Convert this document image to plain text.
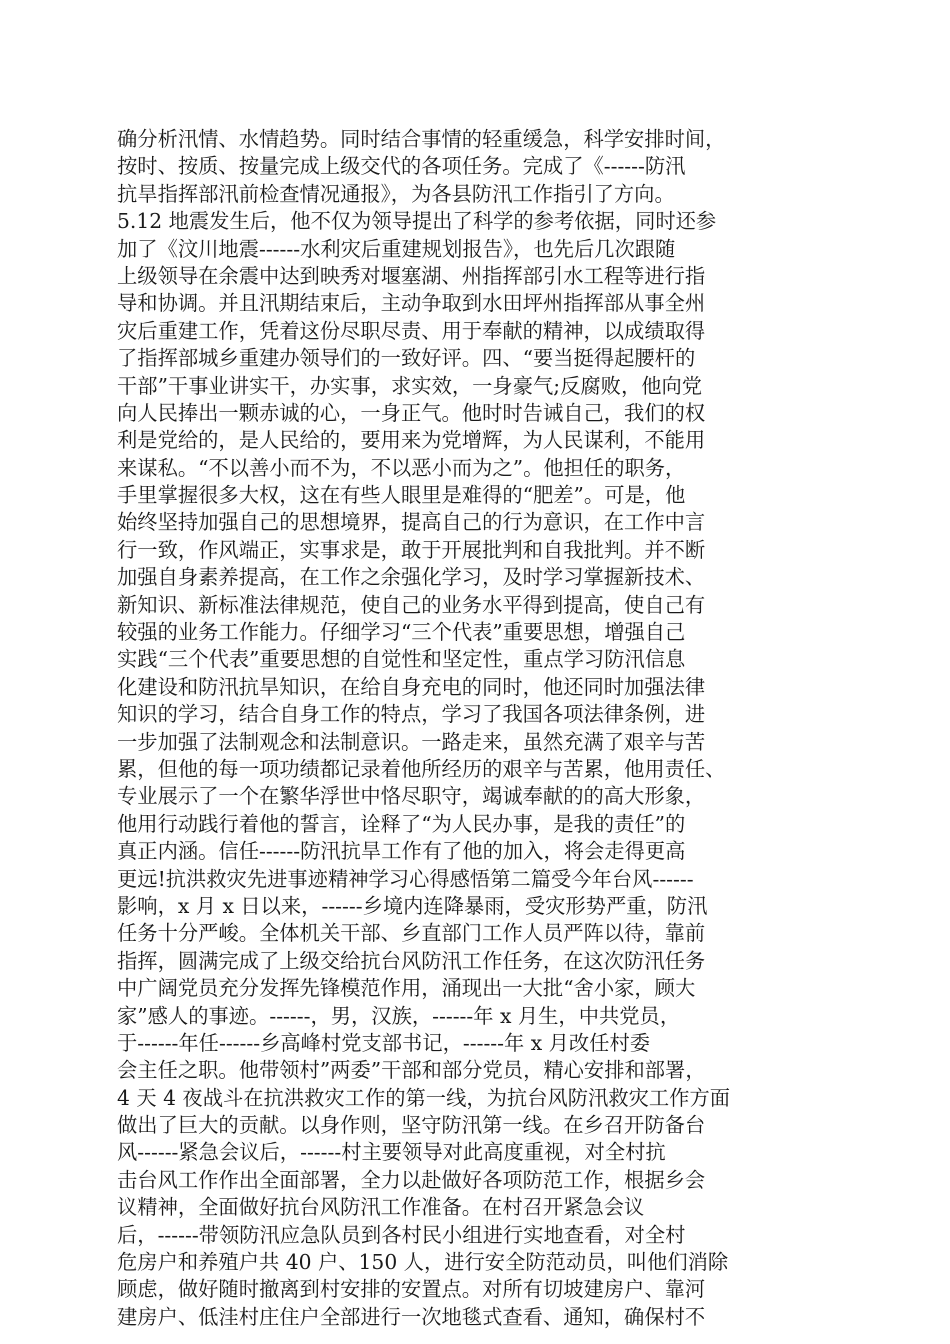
确分析汛情、水情趋势。同时结合事情的轻重缓急，科学安排时间，
按时、按质、按量完成上级交代的各项任务。完成了《------防汛
抗旱指挥部汛前检查情况通报》，为各县防汛工作指引了方向。
5.12 地震发生后，他不仅为领导提出了科学的参考依据，同时还参
加了《汶川地震------水利灾后重建规划报告》，也先后几次跟随
上级领导在余震中达到映秀对堰塞湖、州指挥部引水工程等进行指
导和协调。并且汛期结束后，主动争取到水田坪州指挥部从事全州
灾后重建工作，凭着这份尽职尽责、用于奉献的精神，以成绩取得
了指挥部城乡重建办领导们的一致好评。四、“要当挺得起腰杆的
干部”干事业讲实干，办实事，求实效，一身豪气;反腐败，他向党
向人民捧出一颗赤诚的心，一身正气。他时时告诫自己，我们的权
利是党给的，是人民给的，要用来为党增辉，为人民谋利，不能用
来谋私。“不以善小而不为，不以恶小而为之”。他担任的职务，
手里掌握很多大权，这在有些人眼里是难得的“肥差”。可是，他
始终坚持加强自己的思想境界，提高自己的行为意识，在工作中言
行一致，作风端正，实事求是，敢于开展批判和自我批判。并不断
加强自身素养提高，在工作之余强化学习，及时学习掌握新技术、
新知识、新标准法律规范，使自己的业务水平得到提高，使自己有
较强的业务工作能力。仔细学习“三个代表”重要思想，增强自己
实践“三个代表”重要思想的自觉性和坚定性，重点学习防汛信息
化建设和防汛抗旱知识，在给自身充电的同时，他还同时加强法律
知识的学习，结合自身工作的特点，学习了我国各项法律条例，进
一步加强了法制观念和法制意识。一路走来，虽然充满了艰辛与苦
累，但他的每一项功绩都记录着他所经历的艰辛与苦累，他用责任、
专业展示了一个在繁华浮世中恪尽职守，竭诚奉献的的高大形象，
他用行动践行着他的誓言，诠释了“为人民办事，是我的责任”的
真正内涵。信任------防汛抗旱工作有了他的加入，将会走得更高
更远!抗洪救灾先进事迹精神学习心得感悟第二篇受今年台风------
影响，x 月 x 日以来，------乡境内连降暴雨，受灾形势严重，防汛
任务十分严峻。全体机关干部、乡直部门工作人员严阵以待，靠前
指挥，圆满完成了上级交给抗台风防汛工作任务，在这次防汛任务
中广阔党员充分发挥先锋模范作用，涌现出一大批“舍小家，顾大
家”感人的事迹。------，男，汉族，------年 x 月生，中共党员，
于------年任------乡高峰村党支部书记，------年 x 月改任村委
会主任之职。他带领村”两委”干部和部分党员，精心安排和部署，
4 天 4 夜战斗在抗洪救灾工作的第一线，为抗台风防汛救灾工作方面
做出了巨大的贡献。以身作则，坚守防汛第一线。在乡召开防备台
风------紧急会议后，------村主要领导对此高度重视，对全村抗
击台风工作作出全面部署，全力以赴做好各项防范工作，根据乡会
议精神，全面做好抗台风防汛工作准备。在村召开紧急会议
后，------带领防汛应急队员到各村民小组进行实地查看，对全村
危房户和养殖户共 40 户、150 人，进行安全防范动员，叫他们消除
顾虑，做好随时撤离到村安排的安置点。对所有切坡建房户、靠河
建房户、低洼村庄住户全部进行一次地毯式查看、通知，确保村不
